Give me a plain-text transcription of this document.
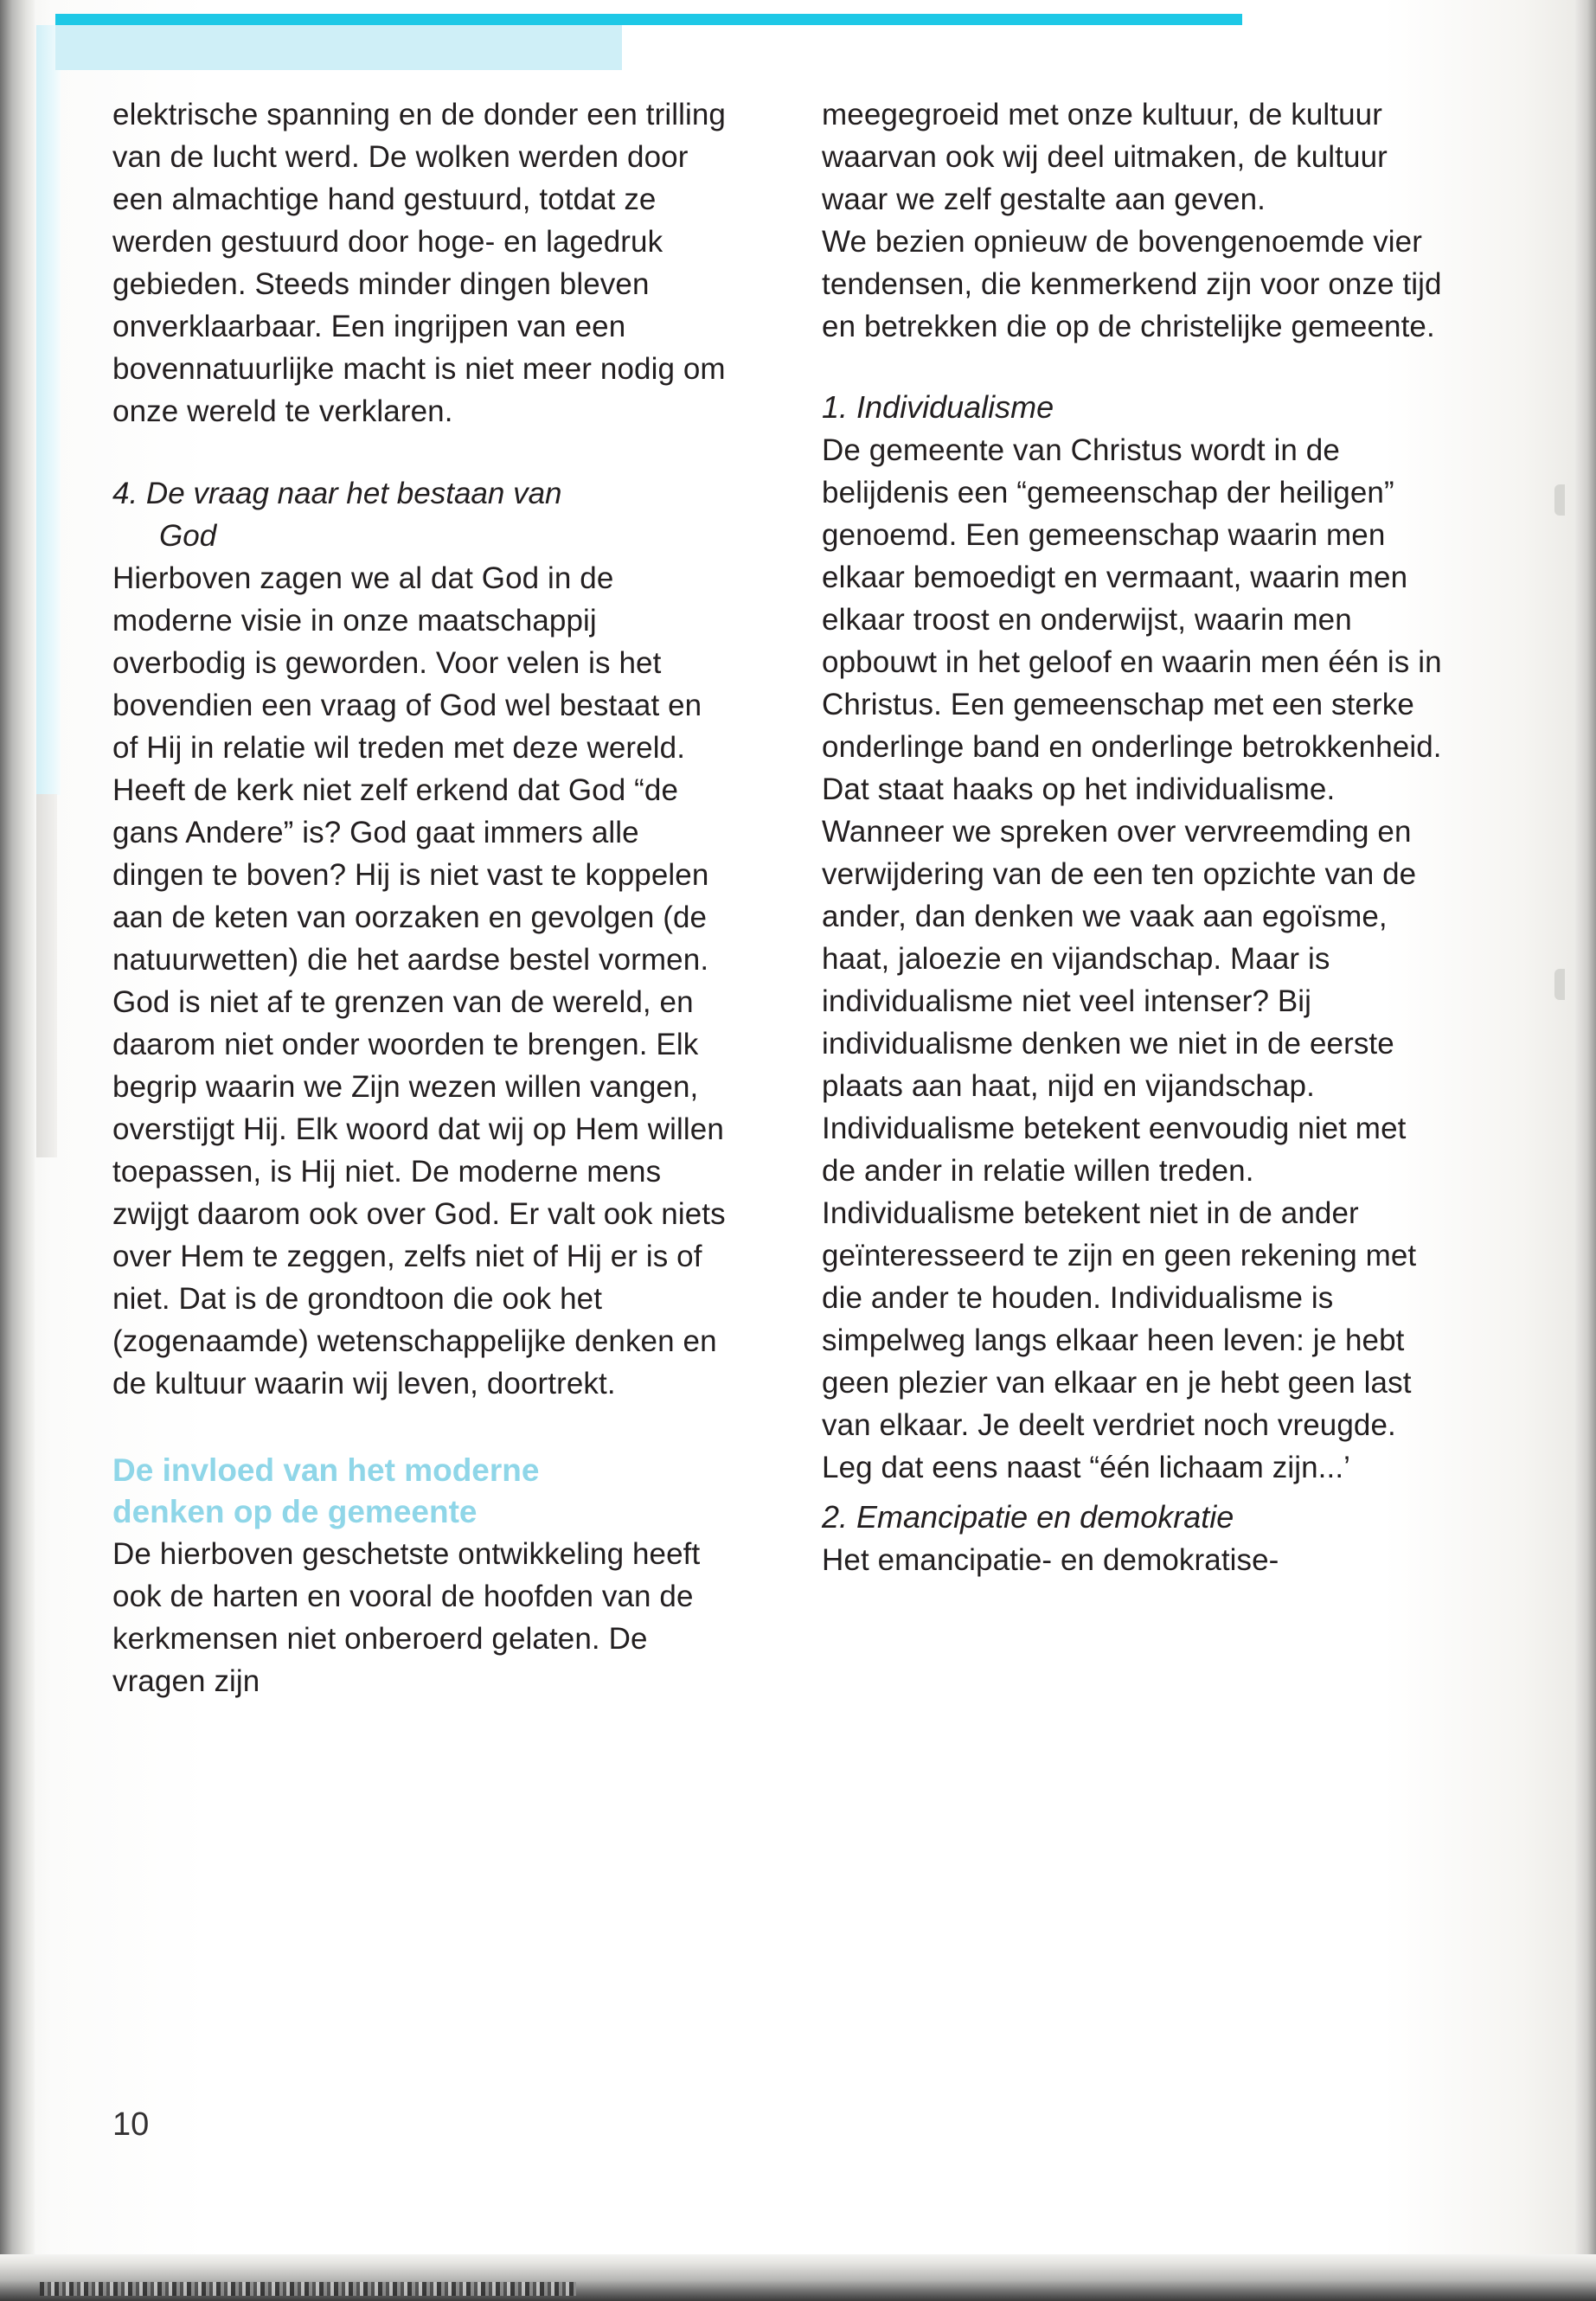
elektrische spanning en de donder een trilling van de lucht werd. De wolken werden door een almachtige hand gestuurd, totdat ze werden gestuurd door hoge- en lagedruk gebieden. Steeds minder dingen bleven onverklaarbaar. Een ingrijpen van een bovennatuurlijke macht is niet meer nodig om onze wereld te verklaren.

4. De vraag naar het bestaan van
God

Hierboven zagen we al dat God in de moderne visie in onze maatschappij overbodig is geworden. Voor velen is het bovendien een vraag of God wel bestaat en of Hij in relatie wil treden met deze wereld. Heeft de kerk niet zelf erkend dat God “de gans Andere” is? God gaat immers alle dingen te boven? Hij is niet vast te koppelen aan de keten van oorzaken en gevolgen (de natuurwetten) die het aardse bestel vormen. God is niet af te grenzen van de wereld, en daarom niet onder woorden te brengen. Elk begrip waarin we Zijn wezen willen vangen, overstijgt Hij. Elk woord dat wij op Hem willen toepassen, is Hij niet. De moderne mens zwijgt daarom ook over God. Er valt ook niets over Hem te zeggen, zelfs niet of Hij er is of niet. Dat is de grondtoon die ook het (zogenaamde) wetenschappelijke denken en de kultuur waarin wij leven, doortrekt.

De invloed van het moderne
denken op de gemeente

De hierboven geschetste ontwikkeling heeft ook de harten en vooral de hoofden van de kerkmensen niet onberoerd gelaten. De vragen zijn

meegegroeid met onze kultuur, de kultuur waarvan ook wij deel uitmaken, de kultuur waar we zelf gestalte aan geven.

We bezien opnieuw de bovengenoemde vier tendensen, die kenmerkend zijn voor onze tijd en betrekken die op de christelijke gemeente.

1. Individualisme

De gemeente van Christus wordt in de belijdenis een “gemeenschap der heiligen” genoemd. Een gemeenschap waarin men elkaar bemoedigt en vermaant, waarin men elkaar troost en onderwijst, waarin men opbouwt in het geloof en waarin men één is in Christus. Een gemeenschap met een sterke onderlinge band en onderlinge betrokkenheid. Dat staat haaks op het individualisme.

Wanneer we spreken over vervreemding en verwijdering van de een ten opzichte van de ander, dan denken we vaak aan egoïsme, haat, jaloezie en vijandschap. Maar is individualisme niet veel intenser? Bij individualisme denken we niet in de eerste plaats aan haat, nijd en vijandschap. Individualisme betekent eenvoudig niet met de ander in relatie willen treden. Individualisme betekent niet in de ander geïnteresseerd te zijn en geen rekening met die ander te houden. Individualisme is simpelweg langs elkaar heen leven: je hebt geen plezier van elkaar en je hebt geen last van elkaar. Je deelt verdriet noch vreugde.

Leg dat eens naast “één lichaam zijn...’

2. Emancipatie en demokratie

Het emancipatie- en demokratise-

10
